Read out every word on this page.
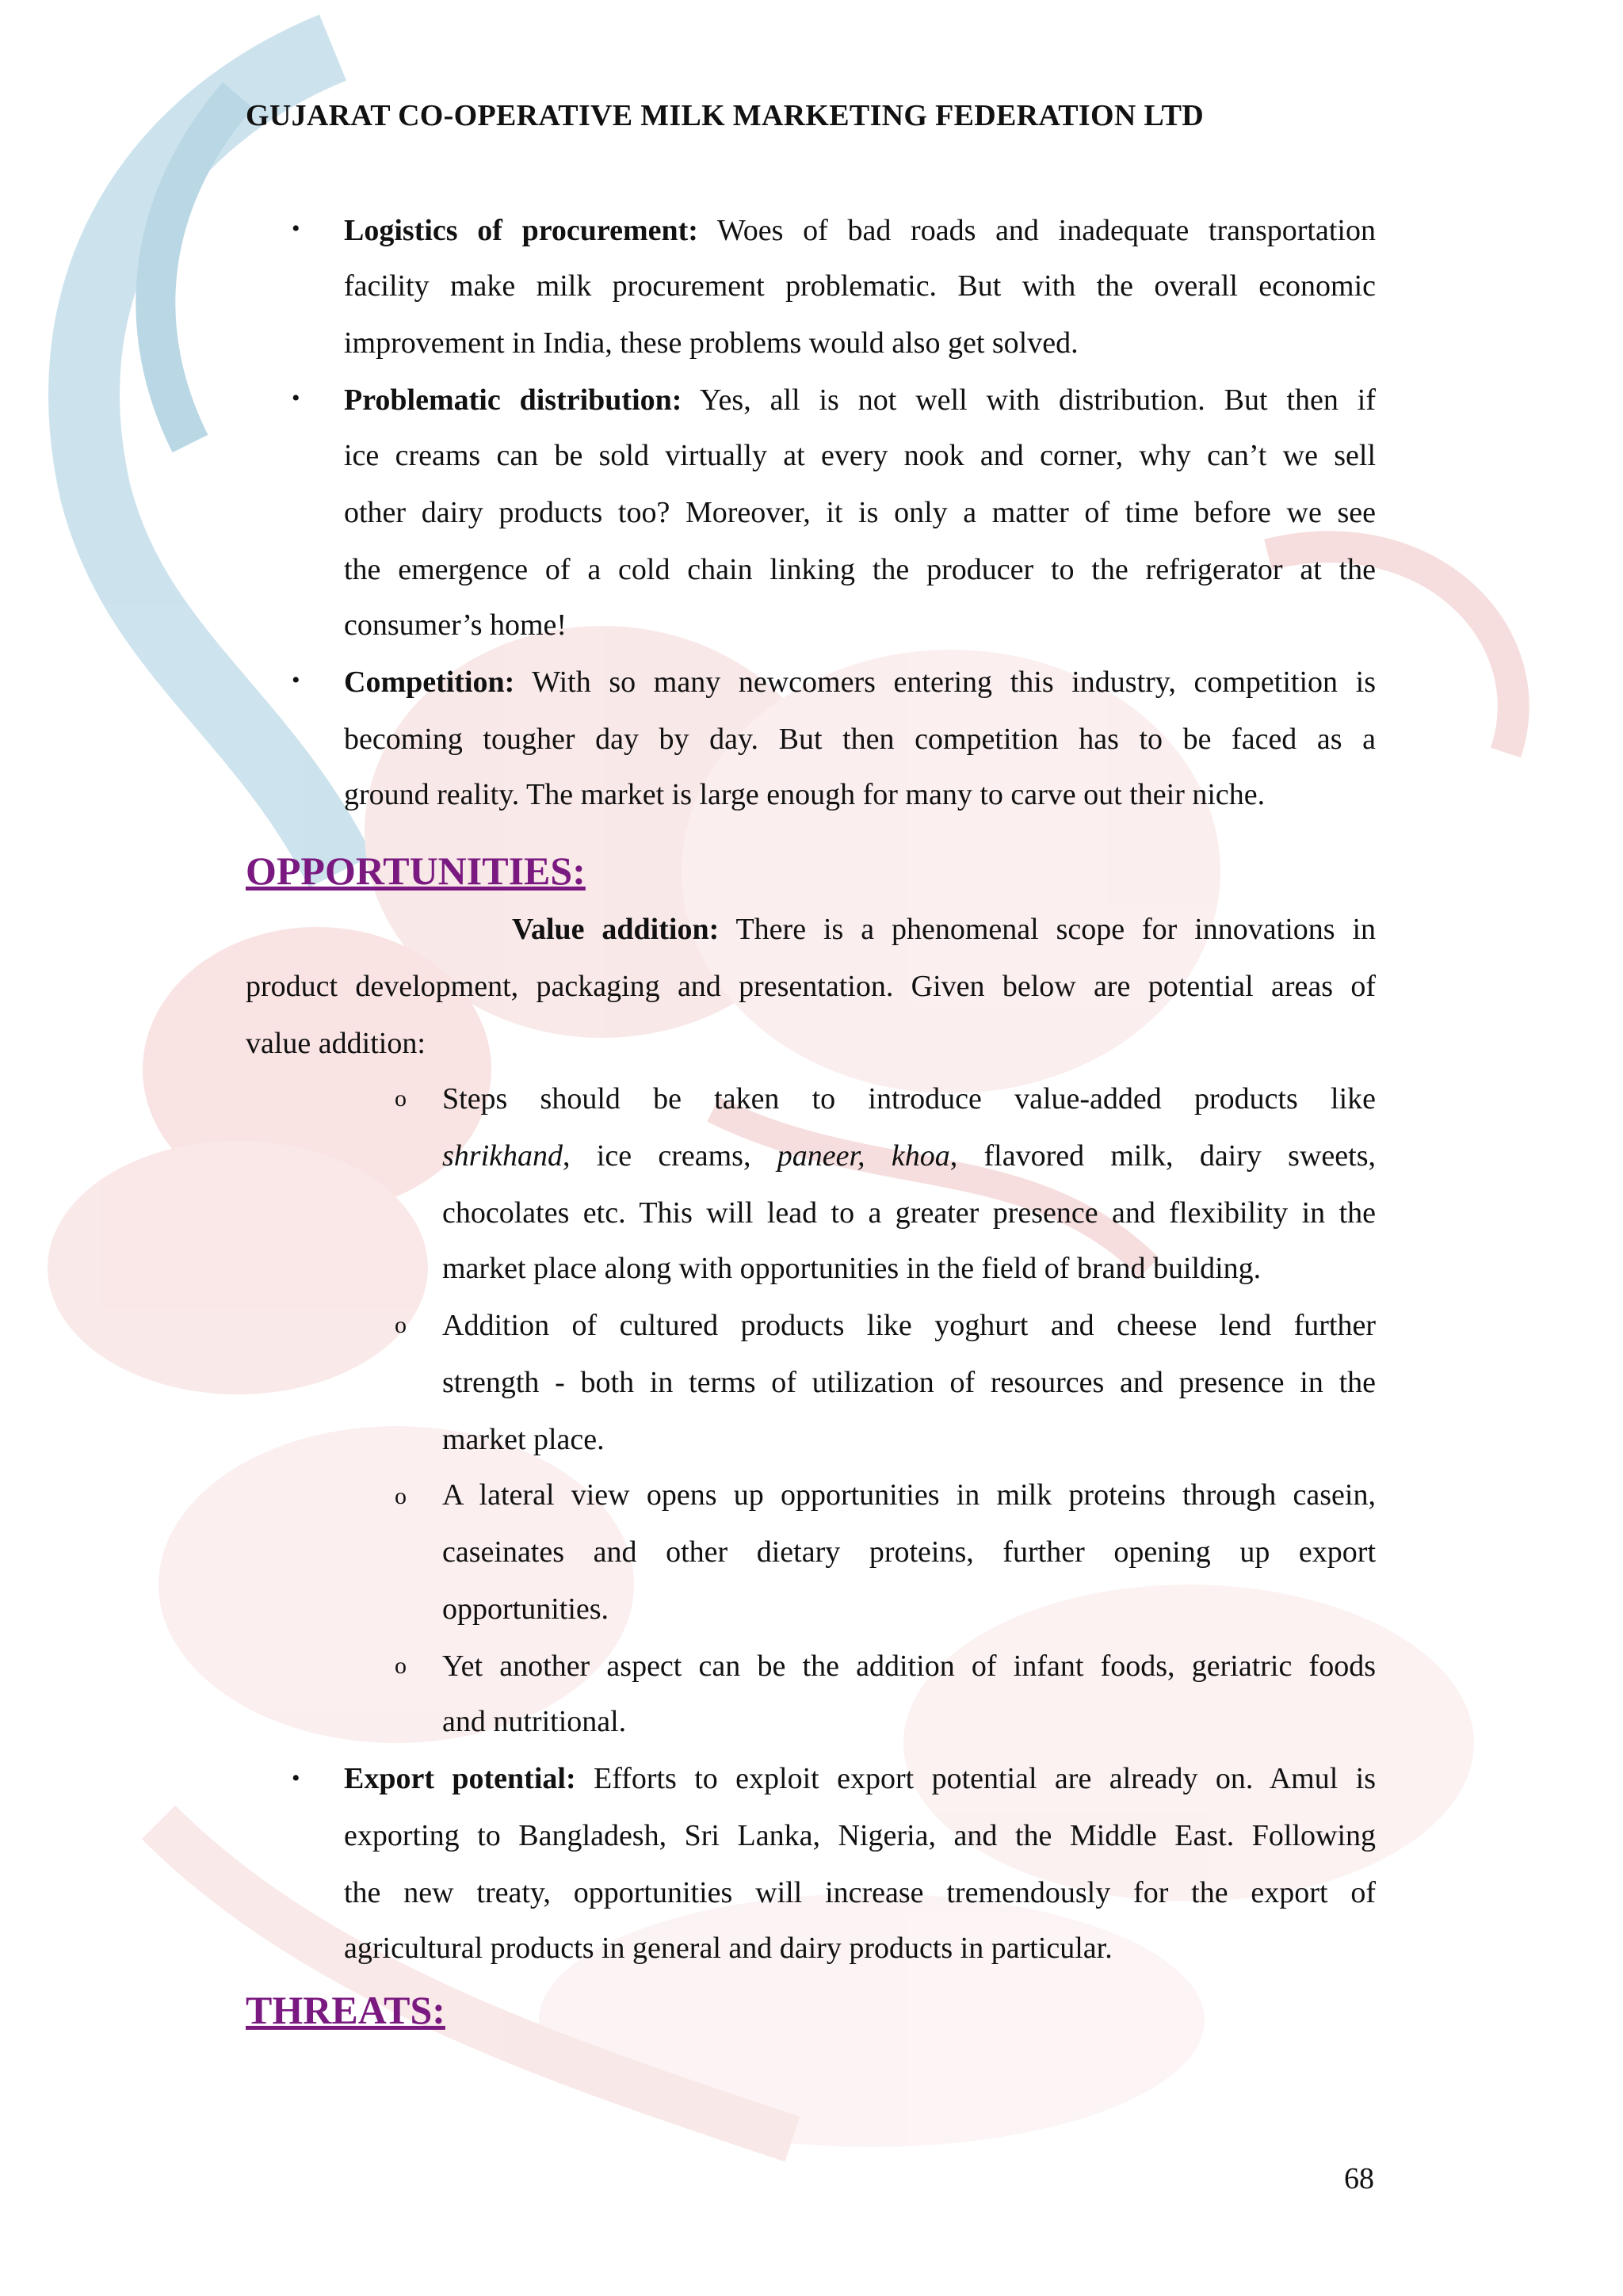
GUJARAT CO-OPERATIVE MILK MARKETING FEDERATION LTD
• Logistics of procurement: Woes of bad roads and inadequate transportation
facility make milk procurement problematic. But with the overall economic
improvement in India, these problems would also get solved.
• Problematic distribution: Yes, all is not well with distribution. But then if
ice creams can be sold virtually at every nook and corner, why can’t we sell
other dairy products too? Moreover, it is only a matter of time before we see
the emergence of a cold chain linking the producer to the refrigerator at the
consumer’s home!
• Competition: With so many newcomers entering this industry, competition is
becoming tougher day by day. But then competition has to be faced as a
ground reality. The market is large enough for many to carve out their niche.
OPPORTUNITIES:
Value addition: There is a phenomenal scope for innovations in
product development, packaging and presentation. Given below are potential areas of
value addition:
o Steps should be taken to introduce value-added products like
shrikhand, ice creams, paneer, khoa, flavored milk, dairy sweets,
chocolates etc. This will lead to a greater presence and flexibility in the
market place along with opportunities in the field of brand building.
o Addition of cultured products like yoghurt and cheese lend further
strength - both in terms of utilization of resources and presence in the
market place.
o A lateral view opens up opportunities in milk proteins through casein,
caseinates and other dietary proteins, further opening up export
opportunities.
o Yet another aspect can be the addition of infant foods, geriatric foods
and nutritional.
• Export potential: Efforts to exploit export potential are already on. Amul is
exporting to Bangladesh, Sri Lanka, Nigeria, and the Middle East. Following
the new treaty, opportunities will increase tremendously for the export of
agricultural products in general and dairy products in particular.
THREATS:
68
